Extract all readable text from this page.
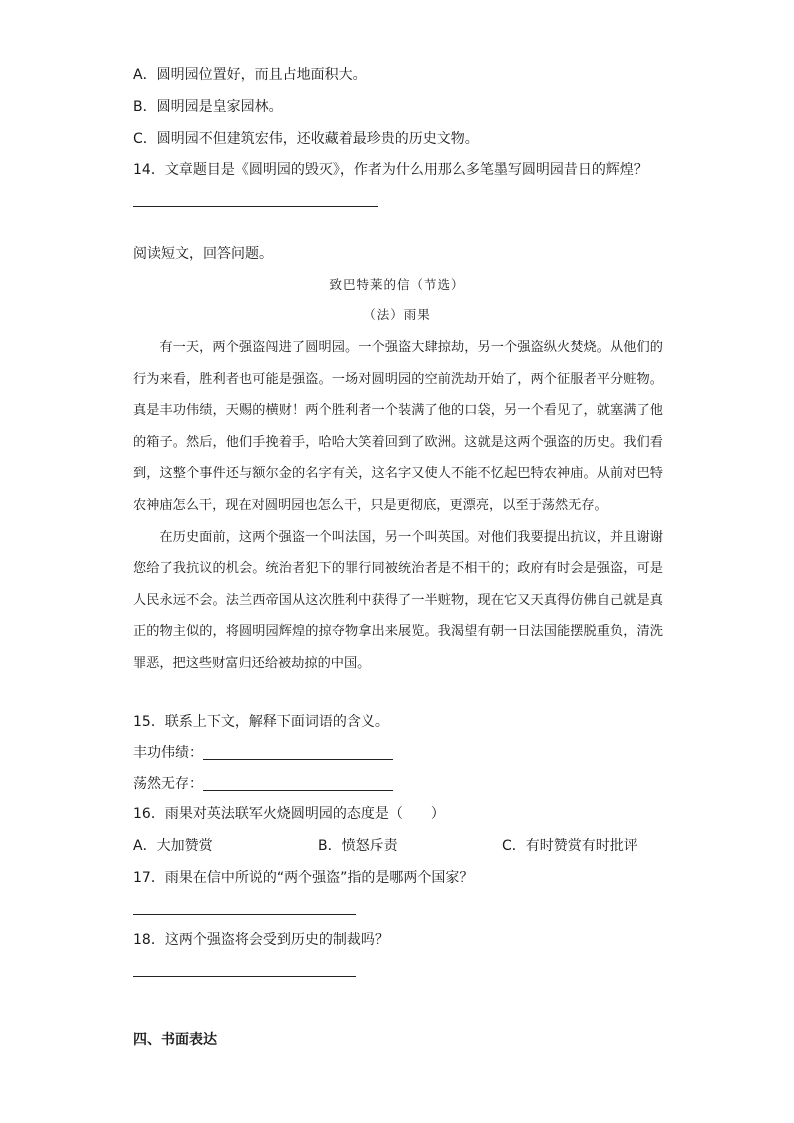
A．圆明园位置好，而且占地面积大。
B．圆明园是皇家园林。
C．圆明园不但建筑宏伟，还收藏着最珍贵的历史文物。
14．文章题目是《圆明园的毁灭》，作者为什么用那么多笔墨写圆明园昔日的辉煌？
阅读短文，回答问题。
致巴特莱的信（节选）
（法）雨果

有一天，两个强盗闯进了圆明园。一个强盗大肆掠劫，另一个强盗纵火焚烧。从他们的行为来看，胜利者也可能是强盗。一场对圆明园的空前洗劫开始了，两个征服者平分赃物。真是丰功伟绩，天赐的横财！两个胜利者一个装满了他的口袋，另一个看见了，就塞满了他的箱子。然后，他们手挽着手，哈哈大笑着回到了欧洲。这就是这两个强盗的历史。我们看到，这整个事件还与额尔金的名字有关，这名字又使人不能不忆起巴特农神庙。从前对巴特农神庙怎么干，现在对圆明园也怎么干，只是更彻底，更漂亮，以至于荡然无存。

在历史面前，这两个强盗一个叫法国，另一个叫英国。对他们我要提出抗议，并且谢谢您给了我抗议的机会。统治者犯下的罪行同被统治者是不相干的；政府有时会是强盗，可是人民永远不会。法兰西帝国从这次胜利中获得了一半赃物，现在它又天真得仿佛自己就是真正的物主似的，将圆明园辉煌的掠夺物拿出来展览。我渴望有朝一日法国能摆脱重负，清洗罪恶，把这些财富归还给被劫掠的中国。

15．联系上下文，解释下面词语的含义。
丰功伟绩：
荡然无存：
16．雨果对英法联军火烧圆明园的态度是（　　）
A．大加赞赏	B．愤怒斥责	C．有时赞赏有时批评
17．雨果在信中所说的“两个强盗”指的是哪两个国家？
18．这两个强盗将会受到历史的制裁吗？
四、书面表达
